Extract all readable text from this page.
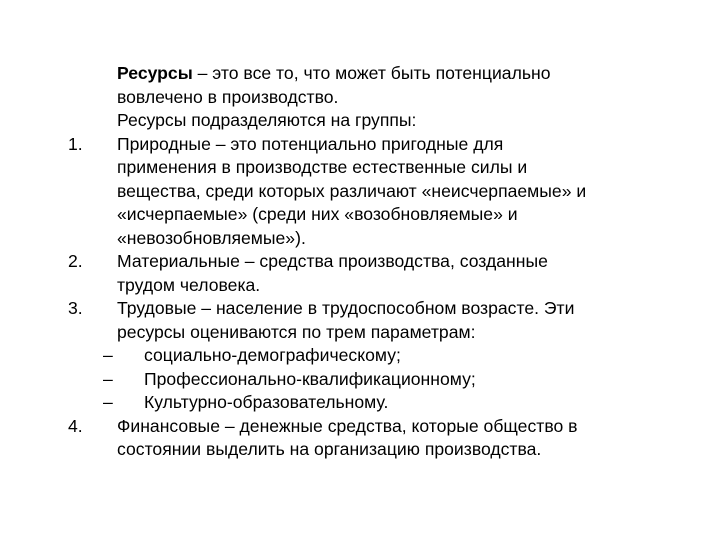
Ресурсы – это все то, что может быть потенциально
вовлечено в производство.
Ресурсы подразделяются на группы:
1. Природные – это потенциально пригодные для
применения в производстве естественные силы и
вещества, среди которых различают «неисчерпаемые» и
«исчерпаемые» (среди них «возобновляемые» и
«невозобновляемые»).
2. Материальные – средства производства, созданные
трудом человека.
3. Трудовые – население в трудоспособном возрасте. Эти
ресурсы оцениваются по трем параметрам:
– социально-демографическому;
– Профессионально-квалификационному;
– Культурно-образовательному.
4. Финансовые – денежные средства, которые общество в
состоянии выделить на организацию производства.
